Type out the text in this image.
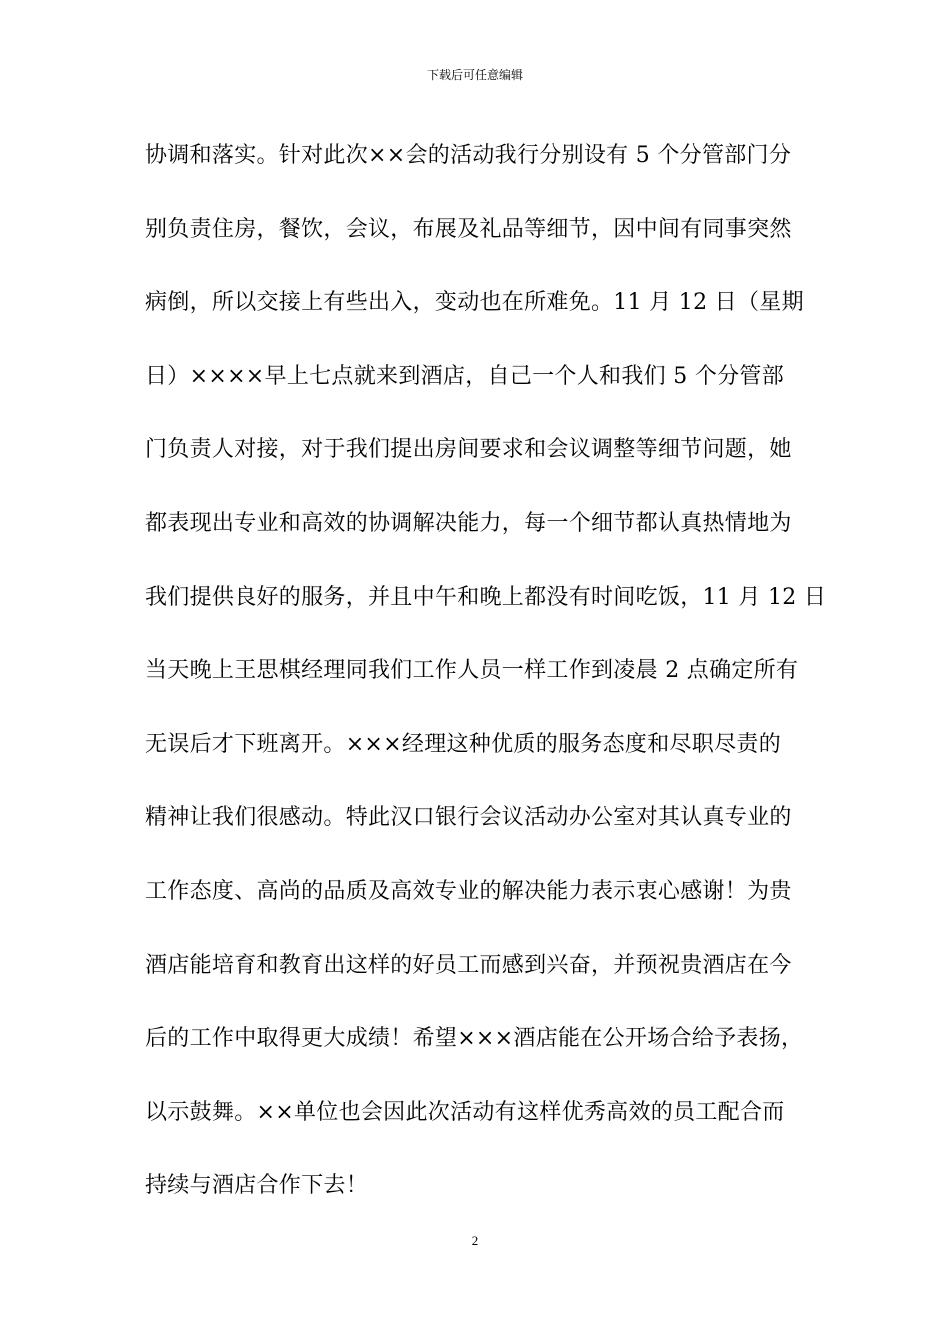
下载后可任意编辑
协调和落实。针对此次××会的活动我行分别设有 5 个分管部门分
别负责住房，餐饮，会议，布展及礼品等细节，因中间有同事突然
病倒，所以交接上有些出入，变动也在所难免。11 月 12 日（星期
日）××××早上七点就来到酒店，自己一个人和我们 5 个分管部
门负责人对接，对于我们提出房间要求和会议调整等细节问题，她
都表现出专业和高效的协调解决能力，每一个细节都认真热情地为
我们提供良好的服务，并且中午和晚上都没有时间吃饭，11 月 12 日
当天晚上王思棋经理同我们工作人员一样工作到凌晨 2 点确定所有
无误后才下班离开。×××经理这种优质的服务态度和尽职尽责的
精神让我们很感动。特此汉口银行会议活动办公室对其认真专业的
工作态度、高尚的品质及高效专业的解决能力表示衷心感谢！为贵
酒店能培育和教育出这样的好员工而感到兴奋，并预祝贵酒店在今
后的工作中取得更大成绩！希望×××酒店能在公开场合给予表扬，
以示鼓舞。××单位也会因此次活动有这样优秀高效的员工配合而
持续与酒店合作下去！
2
